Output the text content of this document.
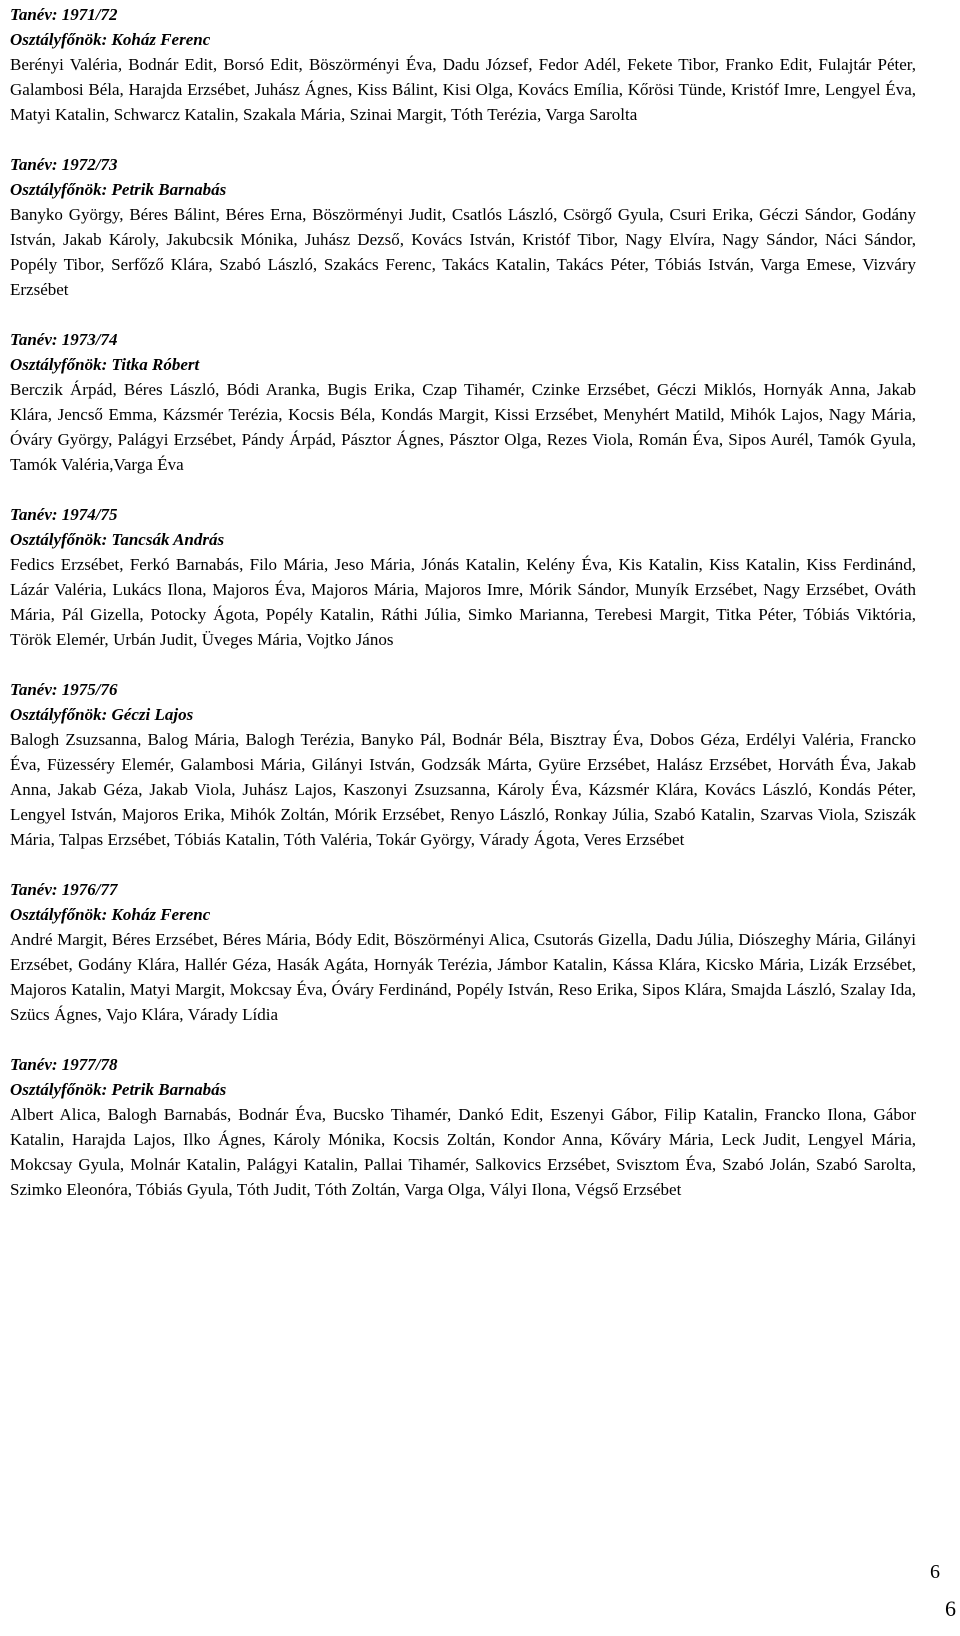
Tanév: 1971/72
Osztályfőnök: Koház Ferenc

Berényi Valéria, Bodnár Edit, Borsó Edit, Böszörményi Éva, Dadu József, Fedor Adél, Fekete Tibor, Franko Edit, Fulajtár Péter, Galambosi Béla, Harajda Erzsébet, Juhász Ágnes, Kiss Bálint, Kisi Olga, Kovács Emília, Kőrösi Tünde, Kristóf Imre, Lengyel Éva, Matyi Katalin, Schwarcz Katalin, Szakala Mária, Szinai Margit, Tóth Terézia, Varga Sarolta

Tanév: 1972/73
Osztályfőnök: Petrik Barnabás

Banyko György, Béres Bálint, Béres Erna, Böszörményi Judit, Csatlós László, Csörgő Gyula, Csuri Erika, Géczi Sándor, Godány István, Jakab Károly, Jakubcsik Mónika, Juhász Dezső, Kovács István, Kristóf Tibor, Nagy Elvíra, Nagy Sándor, Náci Sándor, Popély Tibor, Serfőző Klára, Szabó László, Szakács Ferenc, Takács Katalin, Takács Péter, Tóbiás István, Varga Emese, Vizváry Erzsébet

Tanév: 1973/74
Osztályfőnök: Titka Róbert

Berczik Árpád, Béres László, Bódi Aranka, Bugis Erika, Czap Tihamér, Czinke Erzsébet, Géczi Miklós, Hornyák Anna, Jakab Klára, Jencső Emma, Kázsmér Terézia, Kocsis Béla, Kondás Margit, Kissi Erzsébet, Menyhért Matild, Mihók Lajos, Nagy Mária, Óváry György, Palágyi Erzsébet, Pándy Árpád, Pásztor Ágnes, Pásztor Olga, Rezes Viola, Román Éva, Sipos Aurél, Tamók Gyula, Tamók Valéria,Varga Éva

Tanév: 1974/75
Osztályfőnök: Tancsák András

Fedics Erzsébet, Ferkó Barnabás, Filo Mária, Jeso Mária, Jónás Katalin, Kelény Éva, Kis Katalin, Kiss Katalin, Kiss Ferdinánd, Lázár Valéria, Lukács Ilona, Majoros Éva, Majoros Mária, Majoros Imre, Mórik Sándor, Munyík Erzsébet, Nagy Erzsébet, Ováth Mária, Pál Gizella, Potocky Ágota, Popély Katalin, Ráthi Júlia, Simko Marianna, Terebesi Margit, Titka Péter, Tóbiás Viktória, Török Elemér, Urbán Judit, Üveges Mária, Vojtko János

Tanév: 1975/76
Osztályfőnök: Géczi Lajos

Balogh Zsuzsanna, Balog Mária, Balogh Terézia, Banyko Pál, Bodnár Béla, Bisztray Éva, Dobos Géza, Erdélyi Valéria, Francko Éva, Füzesséry Elemér, Galambosi Mária, Gilányi István, Godzsák Márta, Gyüre Erzsébet, Halász Erzsébet, Horváth Éva, Jakab Anna, Jakab Géza, Jakab Viola, Juhász Lajos, Kaszonyi Zsuzsanna, Károly Éva, Kázsmér Klára, Kovács László, Kondás Péter, Lengyel István, Majoros Erika, Mihók Zoltán, Mórik Erzsébet, Renyo László, Ronkay Júlia, Szabó Katalin, Szarvas Viola, Sziszák Mária, Talpas Erzsébet, Tóbiás Katalin, Tóth Valéria, Tokár György, Várady Ágota, Veres Erzsébet

Tanév: 1976/77
Osztályfőnök: Koház Ferenc

André Margit, Béres Erzsébet, Béres Mária, Bódy Edit, Böszörményi Alica, Csutorás Gizella, Dadu Júlia, Diószeghy Mária, Gilányi Erzsébet, Godány Klára, Hallér Géza, Hasák Agáta, Hornyák Terézia, Jámbor Katalin, Kássa Klára, Kicsko Mária, Lizák Erzsébet, Majoros Katalin, Matyi Margit, Mokcsay Éva, Óváry Ferdinánd, Popély István, Reso Erika, Sipos Klára, Smajda László, Szalay Ida, Szücs Ágnes, Vajo Klára, Várady Lídia

Tanév: 1977/78
Osztályfőnök: Petrik Barnabás

Albert Alica, Balogh Barnabás, Bodnár Éva, Bucsko Tihamér, Dankó Edit, Eszenyi Gábor, Filip Katalin, Francko Ilona, Gábor Katalin, Harajda Lajos, Ilko Ágnes, Károly Mónika, Kocsis Zoltán, Kondor Anna, Kőváry Mária, Leck Judit, Lengyel Mária, Mokcsay Gyula, Molnár Katalin, Palágyi Katalin, Pallai Tihamér, Salkovics Erzsébet, Svisztom Éva, Szabó Jolán, Szabó Sarolta, Szimko Eleonóra, Tóbiás Gyula, Tóth Judit, Tóth Zoltán, Varga Olga, Vályi Ilona, Végső Erzsébet

6
6
